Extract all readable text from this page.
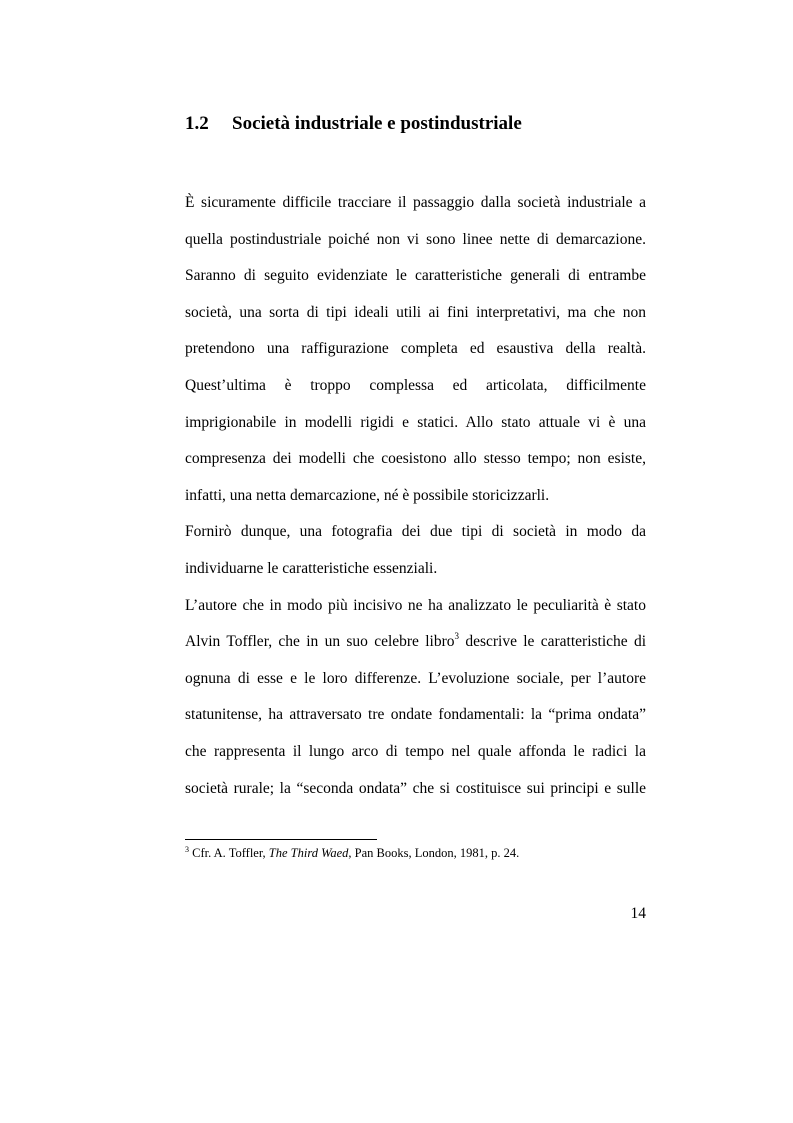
1.2 Società industriale e postindustriale
È sicuramente difficile tracciare il passaggio dalla società industriale a
quella postindustriale poiché non vi sono linee nette di demarcazione.
Saranno di seguito evidenziate le caratteristiche generali di entrambe
società, una sorta di tipi ideali utili ai fini interpretativi, ma che non
pretendono una raffigurazione completa ed esaustiva della realtà.
Quest’ultima è troppo complessa ed articolata, difficilmente
imprigionabile in modelli rigidi e statici. Allo stato attuale vi è una
compresenza dei modelli che coesistono allo stesso tempo; non esiste,
infatti, una netta demarcazione, né è possibile storicizzarli.
Fornirò dunque, una fotografia dei due tipi di società in modo da
individuarne le caratteristiche essenziali.
L’autore che in modo più incisivo ne ha analizzato le peculiarità è stato
Alvin Toffler, che in un suo celebre libro$^3$ descrive le caratteristiche di
ognuna di esse e le loro differenze. L’evoluzione sociale, per l’autore
statunitense, ha attraversato tre ondate fondamentali: la “prima ondata”
che rappresenta il lungo arco di tempo nel quale affonda le radici la
società rurale; la “seconda ondata” che si costituisce sui principi e sulle
$^3$ Cfr. A. Toffler, The Third Waed, Pan Books, London, 1981, p. 24.
14
